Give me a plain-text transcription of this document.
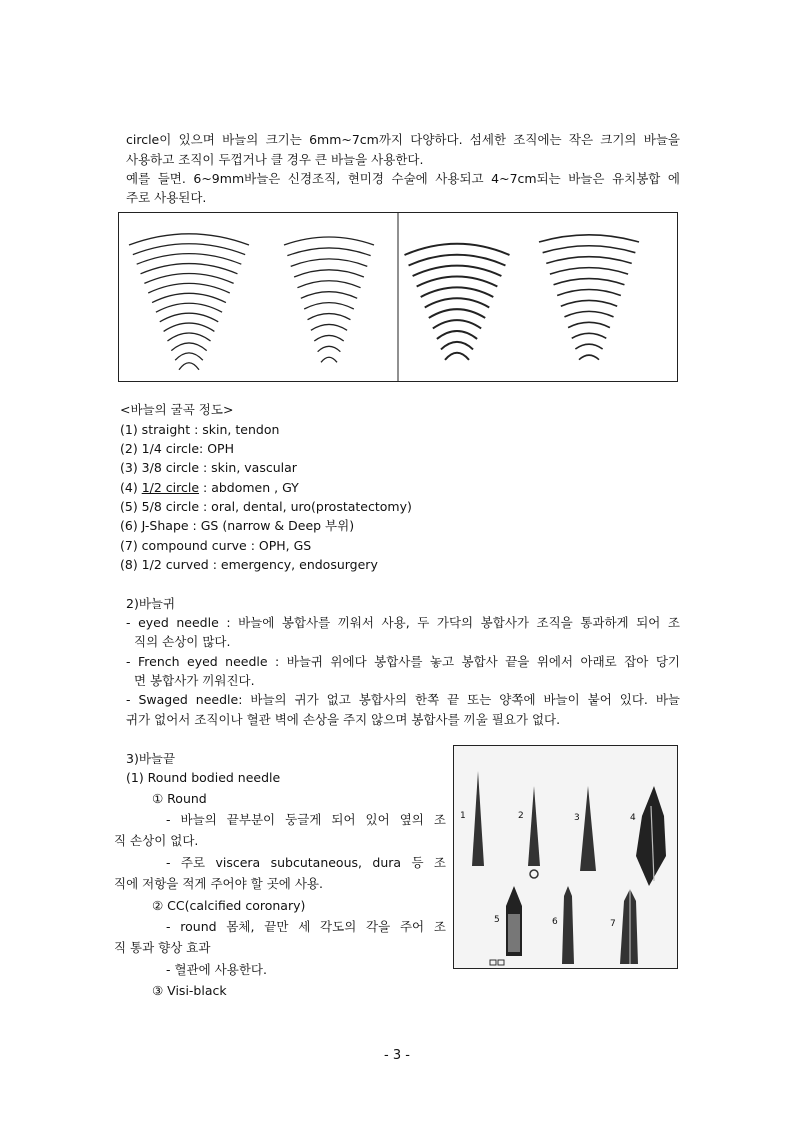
circle이 있으며 바늘의 크기는 6mm~7cm까지 다양하다. 섬세한 조직에는 작은 크기의 바늘을
사용하고 조직이 두껍거나 클 경우 큰 바늘을 사용한다.
예를 들면. 6~9mm바늘은 신경조직, 현미경 수술에 사용되고 4~7cm되는 바늘은 유치봉합 에
주로 사용된다.
<바늘의 굴곡 정도>
(1) straight : skin, tendon
(2) 1/4 circle: OPH
(3) 3/8 circle : skin, vascular
(4) 1/2 circle : abdomen , GY
(5) 5/8 circle : oral, dental, uro(prostatectomy)
(6) J-Shape : GS (narrow & Deep 부위)
(7) compound curve : OPH, GS
(8) 1/2 curved : emergency, endosurgery
2)바늘귀
- eyed needle : 바늘에 봉합사를 끼워서 사용, 두 가닥의 봉합사가 조직을 통과하게 되어 조
직의 손상이 많다.
- French eyed needle : 바늘귀 위에다 봉합사를 놓고 봉합사 끝을 위에서 아래로 잡아 당기
면 봉합사가 끼워진다.
- Swaged needle: 바늘의 귀가 없고 봉합사의 한쪽 끝 또는 양쪽에 바늘이 붙어 있다. 바늘
귀가 없어서 조직이나 혈관 벽에 손상을 주지 않으며 봉합사를 끼울 필요가 없다.
3)바늘끝
(1) Round bodied needle
① Round
- 바늘의 끝부분이 둥글게 되어 있어 옆의 조
직 손상이 없다.
- 주로 viscera subcutaneous, dura 등 조
직에 저항을 적게 주어야 할 곳에 사용.
② CC(calcified coronary)
- round 몸체, 끝만 세 각도의 각을 주어 조
직 통과 향상 효과
- 혈관에 사용한다.
③ Visi-black
1	2	3	4
5	6	7
- 3 -
